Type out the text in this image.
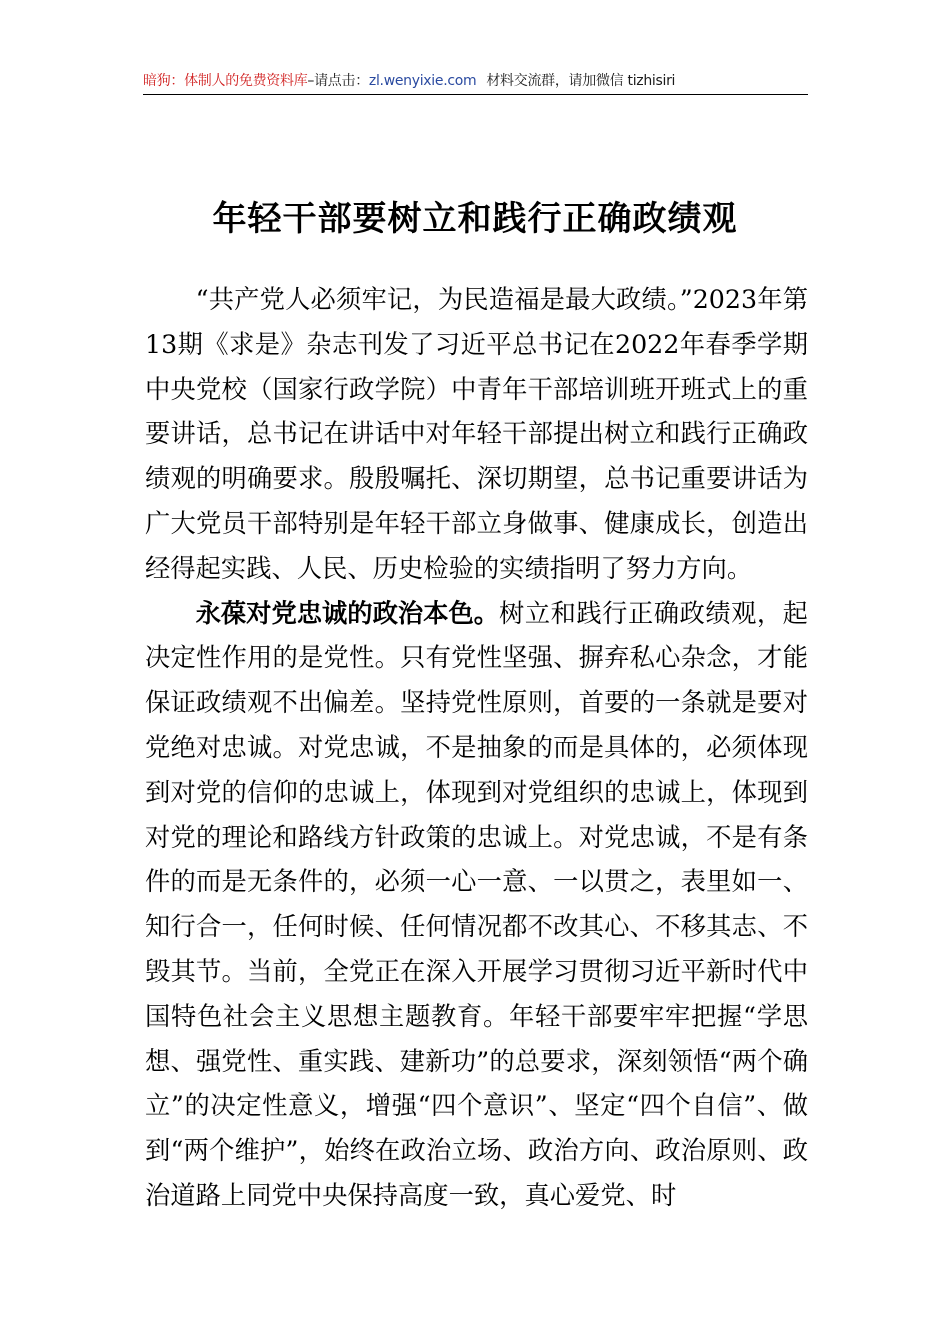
暗狗：体制人的免费资料库–请点击：zl.wenyixie.com 材料交流群，请加微信 tizhisiri
年轻干部要树立和践行正确政绩观

“共产党人必须牢记，为民造福是最大政绩。”2023年第13期《求是》杂志刊发了习近平总书记在2022年春季学期中央党校（国家行政学院）中青年干部培训班开班式上的重要讲话，总书记在讲话中对年轻干部提出树立和践行正确政绩观的明确要求。殷殷嘱托、深切期望，总书记重要讲话为广大党员干部特别是年轻干部立身做事、健康成长，创造出经得起实践、人民、历史检验的实绩指明了努力方向。

永葆对党忠诚的政治本色。树立和践行正确政绩观，起决定性作用的是党性。只有党性坚强、摒弃私心杂念，才能保证政绩观不出偏差。坚持党性原则，首要的一条就是要对党绝对忠诚。对党忠诚，不是抽象的而是具体的，必须体现到对党的信仰的忠诚上，体现到对党组织的忠诚上，体现到对党的理论和路线方针政策的忠诚上。对党忠诚，不是有条件的而是无条件的，必须一心一意、一以贯之，表里如一、知行合一，任何时候、任何情况都不改其心、不移其志、不毁其节。当前，全党正在深入开展学习贯彻习近平新时代中国特色社会主义思想主题教育。年轻干部要牢牢把握“学思想、强党性、重实践、建新功”的总要求，深刻领悟“两个确立”的决定性意义，增强“四个意识”、坚定“四个自信”、做到“两个维护”，始终在政治立场、政治方向、政治原则、政治道路上同党中央保持高度一致，真心爱党、时
